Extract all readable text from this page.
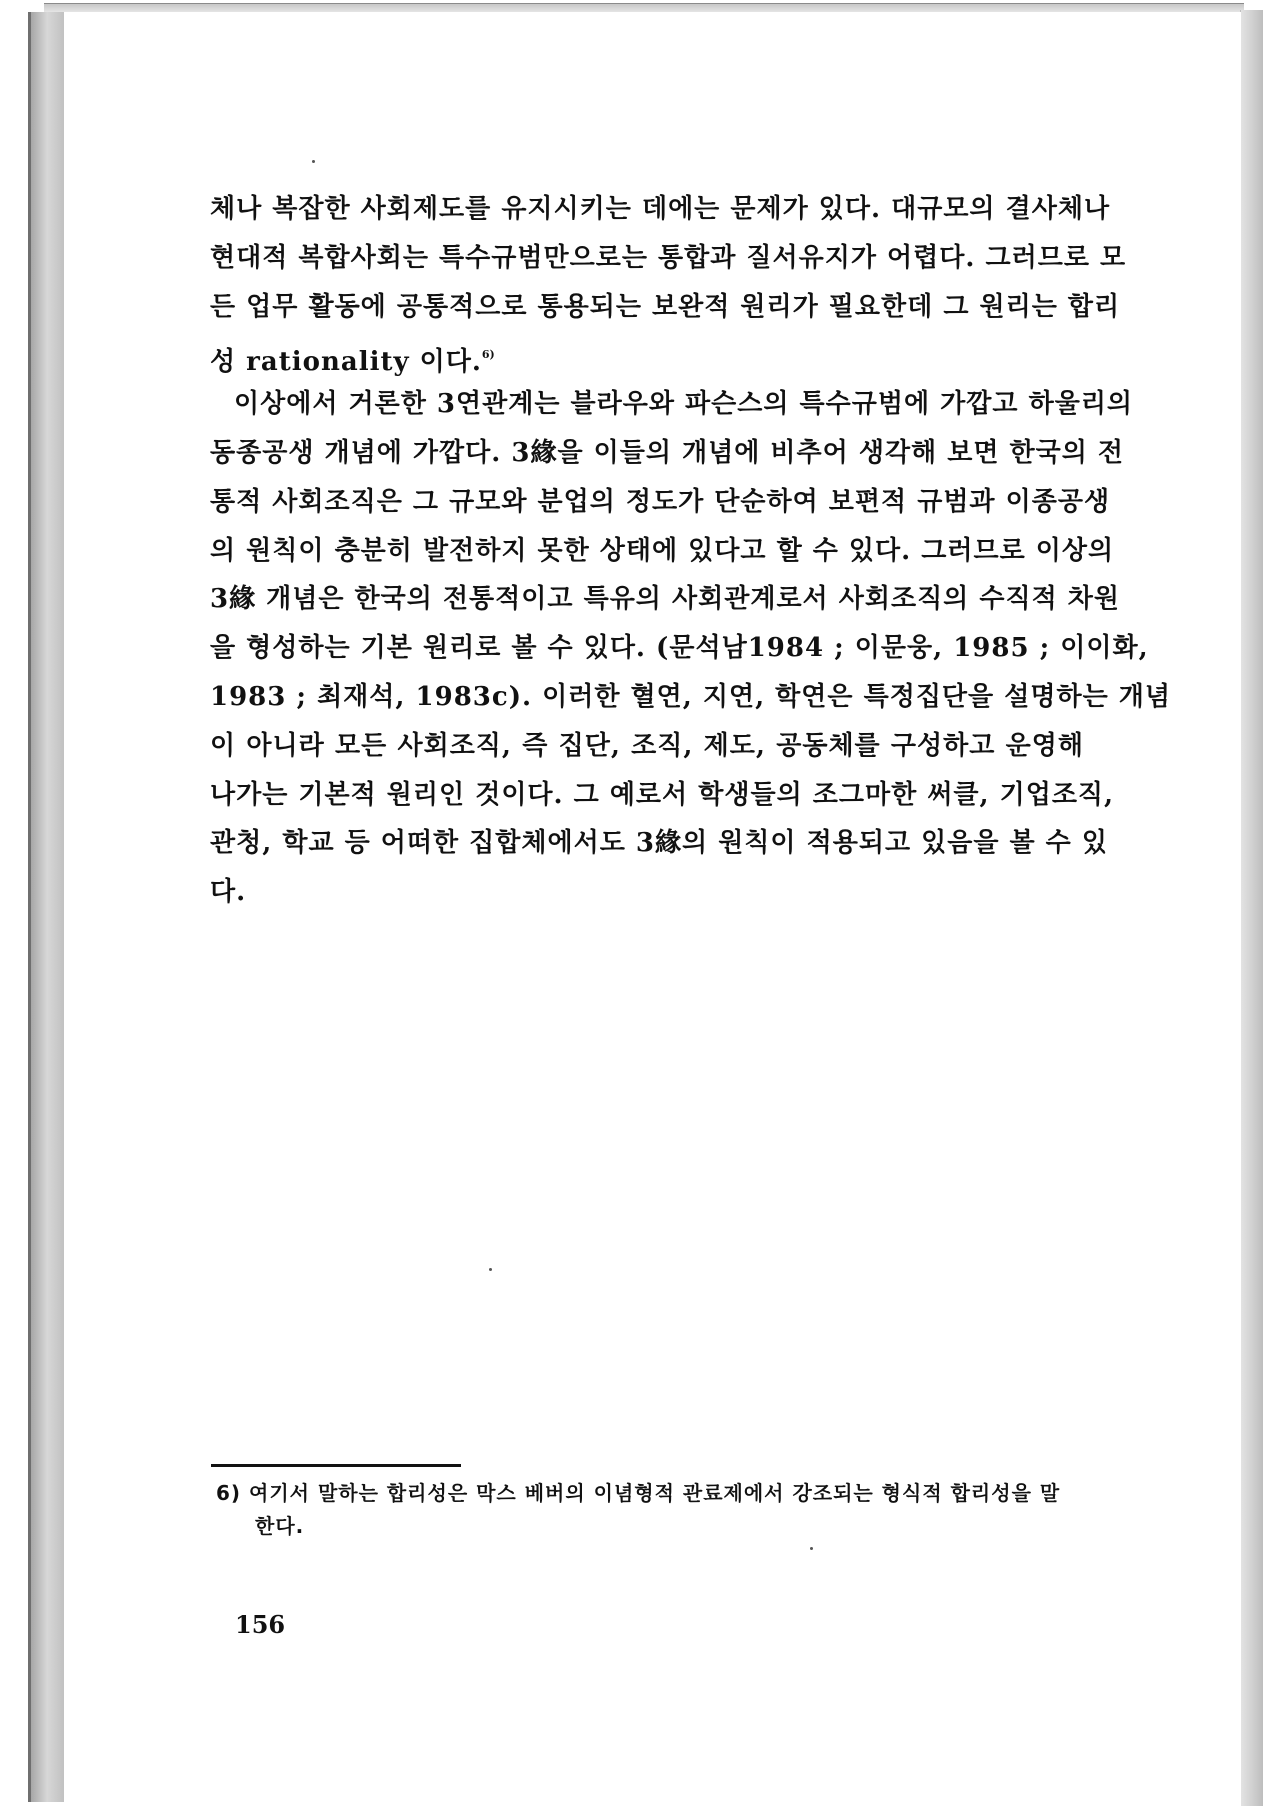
체나 복잡한 사회제도를 유지시키는 데에는 문제가 있다. 대규모의 결사체나
현대적 복합사회는 특수규범만으로는 통합과 질서유지가 어렵다. 그러므로 모
든 업무 활동에 공통적으로 통용되는 보완적 원리가 필요한데 그 원리는 합리
성 rationality 이다.$^{6)}$
이상에서 거론한 3연관계는 블라우와 파슨스의 특수규범에 가깝고 하울리의
동종공생 개념에 가깝다. 3緣을 이들의 개념에 비추어 생각해 보면 한국의 전
통적 사회조직은 그 규모와 분업의 정도가 단순하여 보편적 규범과 이종공생
의 원칙이 충분히 발전하지 못한 상태에 있다고 할 수 있다. 그러므로 이상의
3緣 개념은 한국의 전통적이고 특유의 사회관계로서 사회조직의 수직적 차원
을 형성하는 기본 원리로 볼 수 있다. (문석남1984 ; 이문웅, 1985 ; 이이화,
1983 ; 최재석, 1983c). 이러한 혈연, 지연, 학연은 특정집단을 설명하는 개념
이 아니라 모든 사회조직, 즉 집단, 조직, 제도, 공동체를 구성하고 운영해
나가는 기본적 원리인 것이다. 그 예로서 학생들의 조그마한 써클, 기업조직,
관청, 학교 등 어떠한 집합체에서도 3緣의 원칙이 적용되고 있음을 볼 수 있
다.
6) 여기서 말하는 합리성은 막스 베버의 이념형적 관료제에서 강조되는 형식적 합리성을 말
한다.
156
